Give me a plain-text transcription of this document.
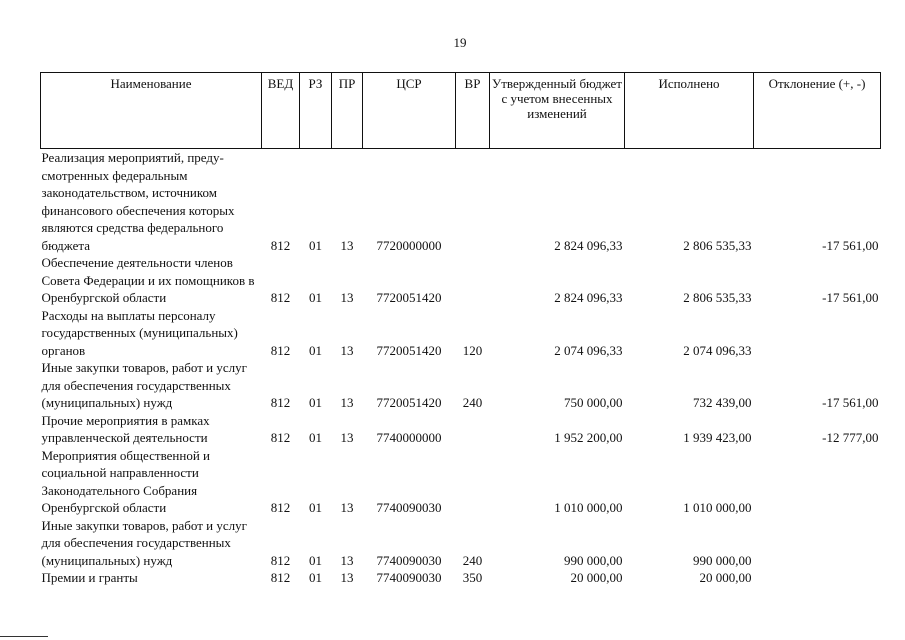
19
Наименование	ВЕД	РЗ	ПР	ЦСР	ВР	Утвержденный бюджет с учетом внесенных изменений	Исполнено	Отклонение (+, -)
Реализация мероприятий, преду-смотренных федеральным законодательством, источником финансового обеспечения которых являются средства федерального бюджета	812	01	13	7720000000		2 824 096,33	2 806 535,33	-17 561,00
Обеспечение деятельности членов Совета Федерации и их помощников в Оренбургской области	812	01	13	7720051420		2 824 096,33	2 806 535,33	-17 561,00
Расходы на выплаты персоналу государственных (муниципальных) органов	812	01	13	7720051420	120	2 074 096,33	2 074 096,33	
Иные закупки товаров, работ и услуг для обеспечения государственных (муниципальных) нужд	812	01	13	7720051420	240	750 000,00	732 439,00	-17 561,00
Прочие мероприятия в рамках управленческой деятельности	812	01	13	7740000000		1 952 200,00	1 939 423,00	-12 777,00
Мероприятия общественной и социальной направленности Законодательного Собрания Оренбургской области	812	01	13	7740090030		1 010 000,00	1 010 000,00	
Иные закупки товаров, работ и услуг для обеспечения государственных (муниципальных) нужд	812	01	13	7740090030	240	990 000,00	990 000,00	
Премии и гранты	812	01	13	7740090030	350	20 000,00	20 000,00	
